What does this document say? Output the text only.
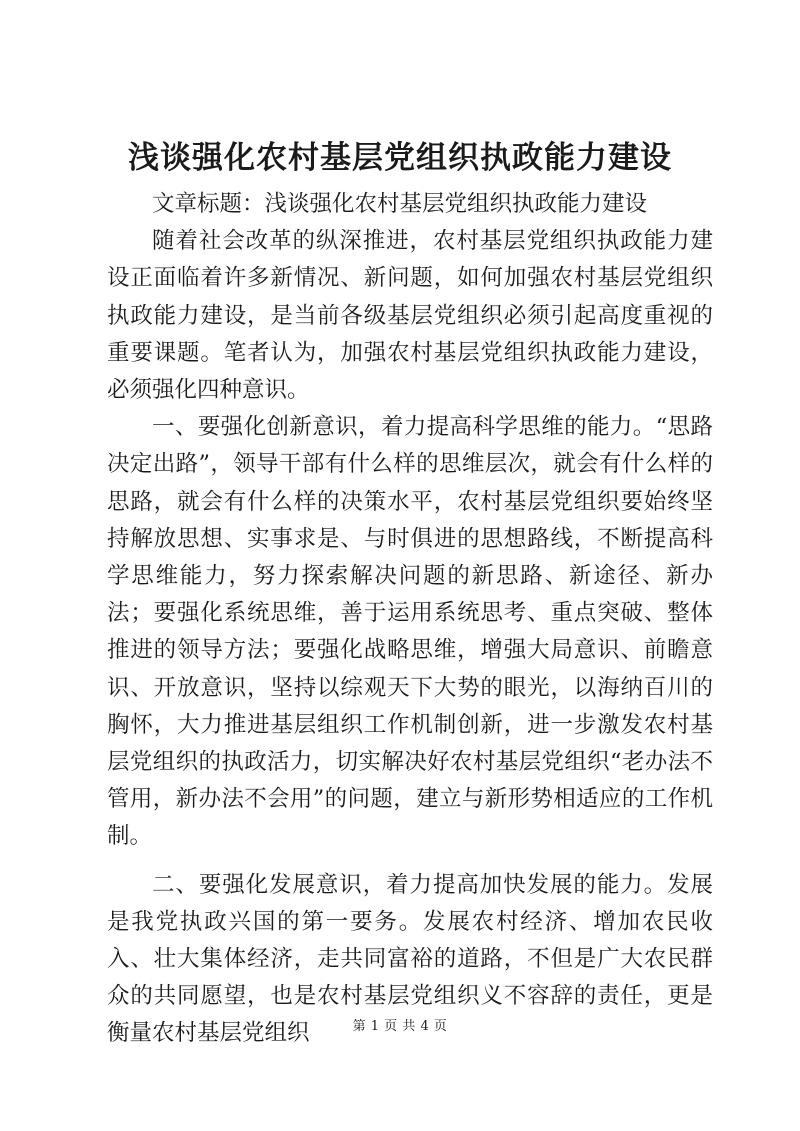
浅谈强化农村基层党组织执政能力建设

文章标题：浅谈强化农村基层党组织执政能力建设

随着社会改革的纵深推进，农村基层党组织执政能力建设正面临着许多新情况、新问题，如何加强农村基层党组织执政能力建设，是当前各级基层党组织必须引起高度重视的重要课题。笔者认为，加强农村基层党组织执政能力建设，必须强化四种意识。

一、要强化创新意识，着力提高科学思维的能力。“思路决定出路”，领导干部有什么样的思维层次，就会有什么样的思路，就会有什么样的决策水平，农村基层党组织要始终坚持解放思想、实事求是、与时俱进的思想路线，不断提高科学思维能力，努力探索解决问题的新思路、新途径、新办法；要强化系统思维，善于运用系统思考、重点突破、整体推进的领导方法；要强化战略思维，增强大局意识、前瞻意识、开放意识，坚持以综观天下大势的眼光，以海纳百川的胸怀，大力推进基层组织工作机制创新，进一步激发农村基层党组织的执政活力，切实解决好农村基层党组织“老办法不管用，新办法不会用”的问题，建立与新形势相适应的工作机制。

二、要强化发展意识，着力提高加快发展的能力。发展是我党执政兴国的第一要务。发展农村经济、增加农民收入、壮大集体经济，走共同富裕的道路，不但是广大农民群众的共同愿望，也是农村基层党组织义不容辞的责任，更是衡量农村基层党组织	第 1 页 共 4 页
